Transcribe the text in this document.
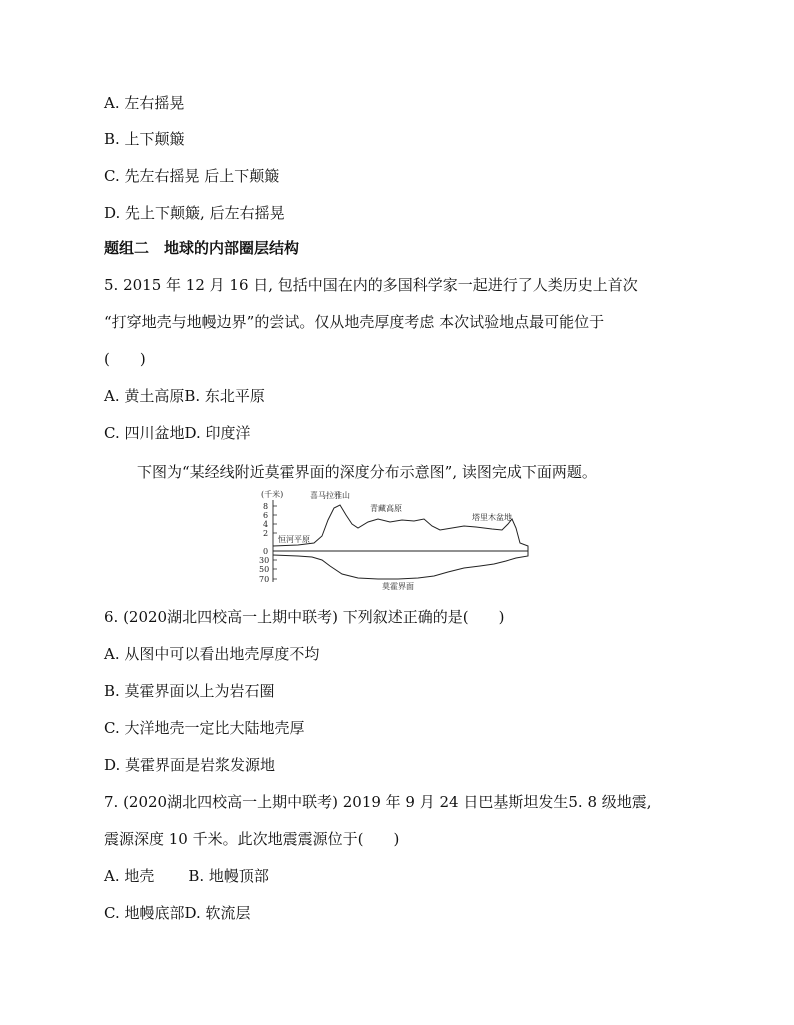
A. 左右摇晃
B. 上下颠簸
C. 先左右摇晃 后上下颠簸
D. 先上下颠簸, 后左右摇晃
题组二　地球的内部圈层结构
5. 2015 年 12 月 16 日, 包括中国在内的多国科学家一起进行了人类历史上首次
“打穿地壳与地幔边界”的尝试。仅从地壳厚度考虑 本次试验地点最可能位于
(　　)
A. 黄土高原B. 东北平原
C. 四川盆地D. 印度洋
下图为“某经线附近莫霍界面的深度分布示意图”, 读图完成下面两题。
(千米)
8
6
4
2
0
30
50
70
喜马拉雅山
青藏高原
塔里木盆地
恒河平原
莫霍界面
6. (2020湖北四校高一上期中联考) 下列叙述正确的是(　　)
A. 从图中可以看出地壳厚度不均
B. 莫霍界面以上为岩石圈
C. 大洋地壳一定比大陆地壳厚
D. 莫霍界面是岩浆发源地
7. (2020湖北四校高一上期中联考) 2019 年 9 月 24 日巴基斯坦发生5. 8 级地震,
震源深度 10 千米。此次地震震源位于(　　)
A. 地壳 B. 地幔顶部
C. 地幔底部D. 软流层
